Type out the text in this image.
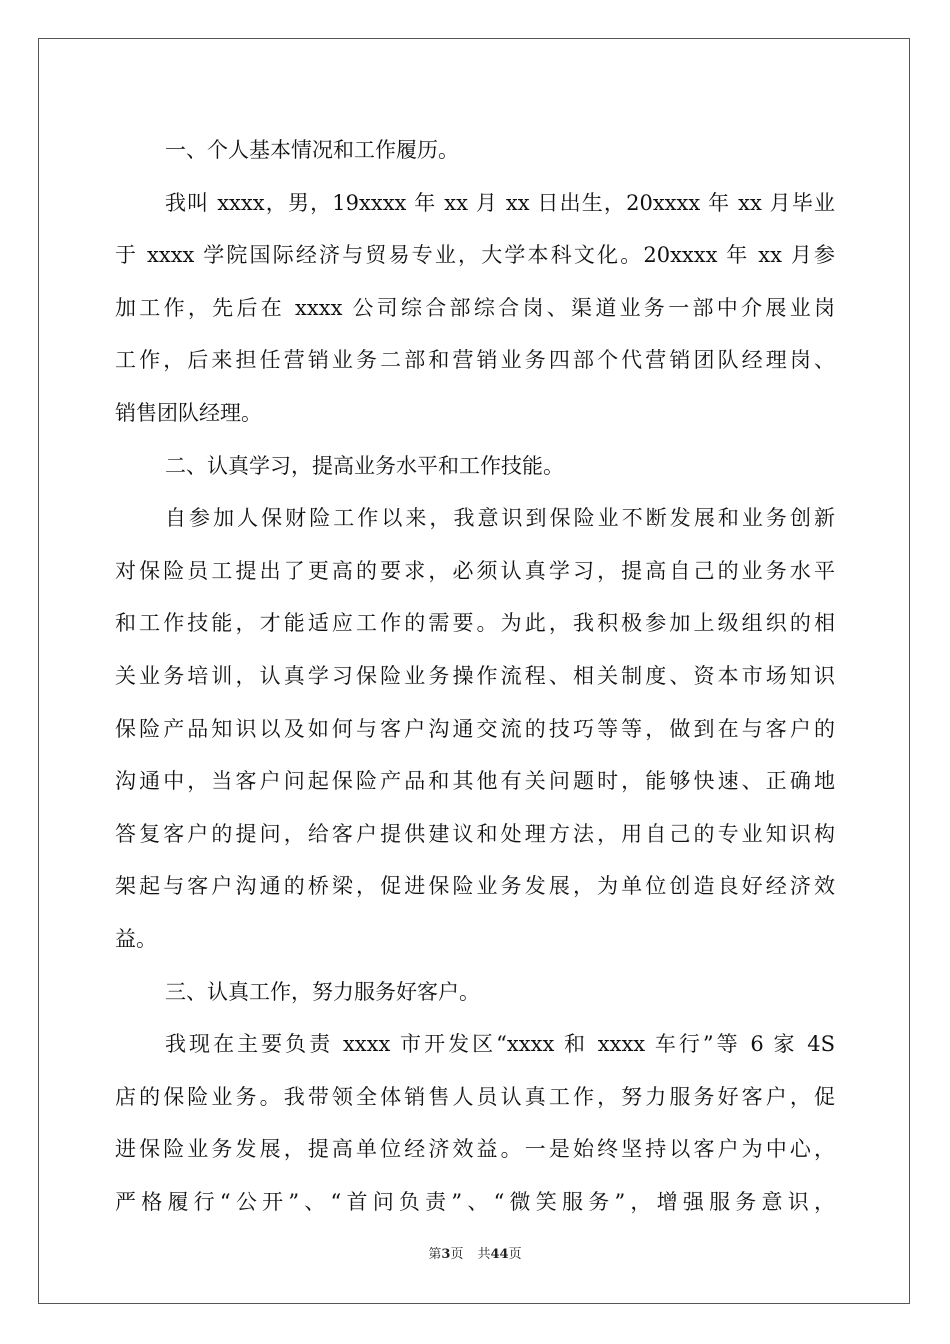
一、个人基本情况和工作履历。
我叫 xxxx，男，19xxxx 年 xx 月 xx 日出生，20xxxx 年 xx 月毕业
于 xxxx 学院国际经济与贸易专业，大学本科文化。20xxxx 年 xx 月参
加工作，先后在 xxxx 公司综合部综合岗、渠道业务一部中介展业岗
工作，后来担任营销业务二部和营销业务四部个代营销团队经理岗、
销售团队经理。
二、认真学习，提高业务水平和工作技能。
自参加人保财险工作以来，我意识到保险业不断发展和业务创新
对保险员工提出了更高的要求，必须认真学习，提高自己的业务水平
和工作技能，才能适应工作的需要。为此，我积极参加上级组织的相
关业务培训，认真学习保险业务操作流程、相关制度、资本市场知识
保险产品知识以及如何与客户沟通交流的技巧等等，做到在与客户的
沟通中，当客户问起保险产品和其他有关问题时，能够快速、正确地
答复客户的提问，给客户提供建议和处理方法，用自己的专业知识构
架起与客户沟通的桥梁，促进保险业务发展，为单位创造良好经济效
益。
三、认真工作，努力服务好客户。
我现在主要负责 xxxx 市开发区“xxxx 和 xxxx 车行”等 6 家 4S
店的保险业务。我带领全体销售人员认真工作，努力服务好客户，促
进保险业务发展，提高单位经济效益。一是始终坚持以客户为中心，
严格履行“公开”、“首问负责”、“微笑服务”，增强服务意识，
第3页 共44页
